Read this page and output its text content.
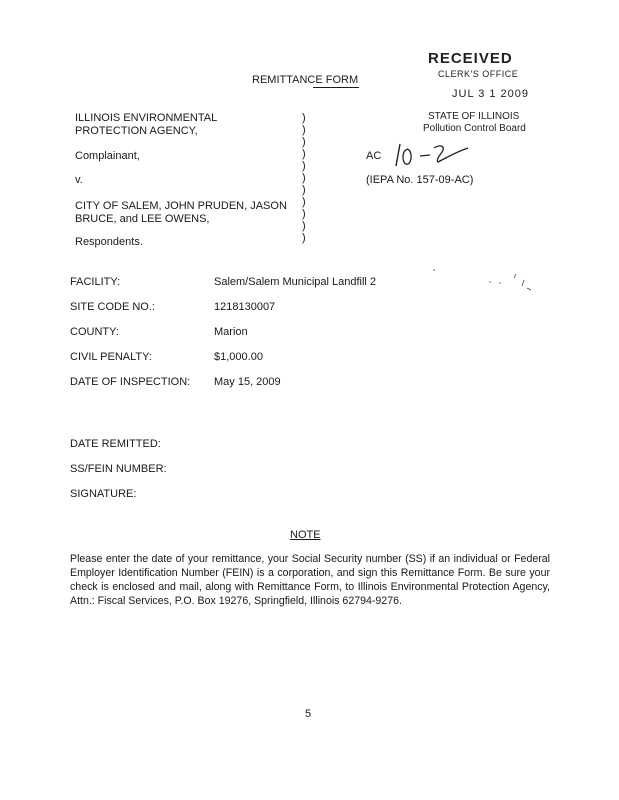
RECEIVED
CLERK'S OFFICE
JUL 3 1 2009
STATE OF ILLINOIS
Pollution Control Board
REMITTANCE FORM
ILLINOIS ENVIRONMENTAL
PROTECTION AGENCY,
Complainant,
v.
CITY OF SALEM, JOHN PRUDEN, JASON
BRUCE, and LEE OWENS,
Respondents.
)
)
)
)
)
)
)
)
)
)
)
AC
(IEPA No. 157-09-AC)
FACILITY:	Salem/Salem Municipal Landfill 2
SITE CODE NO.:	1218130007
COUNTY:	Marion
CIVIL PENALTY:	$1,000.00
DATE OF INSPECTION: May 15, 2009
DATE REMITTED:
SS/FEIN NUMBER:
SIGNATURE:
NOTE
Please enter the date of your remittance, your Social Security number (SS) if an individual or Federal Employer Identification Number (FEIN) is a corporation, and sign this Remittance Form. Be sure your check is enclosed and mail, along with Remittance Form, to Illinois Environmental Protection Agency, Attn.: Fiscal Services, P.O. Box 19276, Springfield, Illinois 62794-9276.
5
